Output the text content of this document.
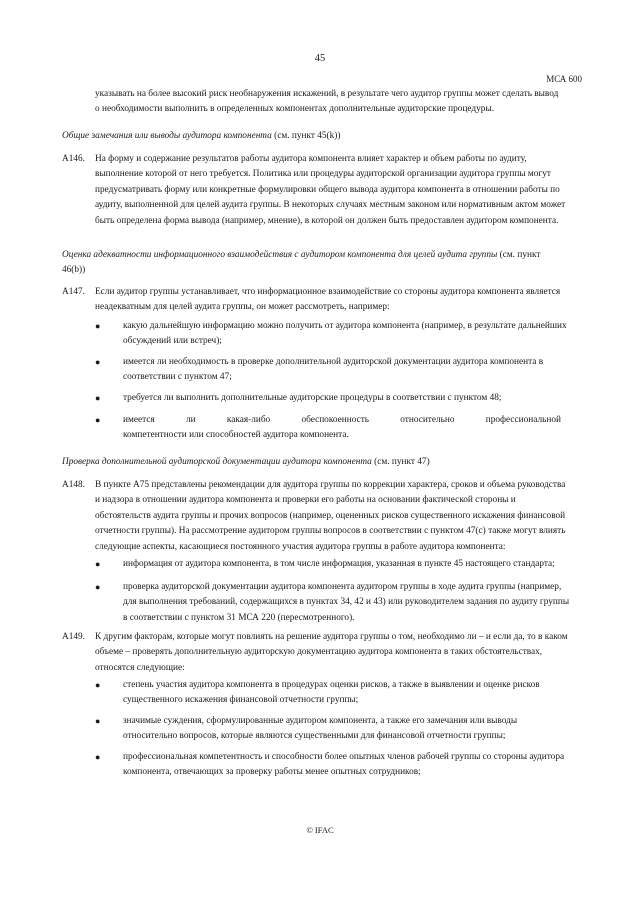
45
МСА 600
указывать на более высокий риск необнаружения искажений, в результате чего аудитор группы может сделать вывод
о необходимости выполнить в определенных компонентах дополнительные аудиторские процедуры.
Общие замечания или выводы аудитора компонента (см. пункт 45(k))
A146. На форму и содержание результатов работы аудитора компонента влияет характер и объем работы по аудиту,
выполнение которой от него требуется. Политика или процедуры аудиторской организации аудитора группы могут
предусматривать форму или конкретные формулировки общего вывода аудитора компонента в отношении работы по
аудиту, выполненной для целей аудита группы. В некоторых случаях местным законом или нормативным актом может
быть определена форма вывода (например, мнение), в которой он должен быть предоставлен аудитором компонента.
Оценка адекватности информационного взаимодействия с аудитором компонента для целей аудита группы (см. пункт
46(b))
A147. Если аудитор группы устанавливает, что информационное взаимодействие со стороны аудитора компонента является
неадекватным для целей аудита группы, он может рассмотреть, например:
● какую дальнейшую информацию можно получить от аудитора компонента (например, в результате дальнейших
обсуждений или встреч);
● имеется ли необходимость в проверке дополнительной аудиторской документации аудитора компонента в
соответствии с пунктом 47;
● требуется ли выполнить дополнительные аудиторские процедуры в соответствии с пунктом 48;
● имеется	ли	какая-либо	обеспокоенность	относительно	профессиональной
компетентности или способностей аудитора компонента.
Проверка дополнительной аудиторской документации аудитора компонента (см. пункт 47)
A148. В пункте A75 представлены рекомендации для аудитора группы по коррекции характера, сроков и объема руководства
и надзора в отношении аудитора компонента и проверки его работы на основании фактической стороны и
обстоятельств аудита группы и прочих вопросов (например, оцененных рисков существенного искажения финансовой
отчетности группы). На рассмотрение аудитором группы вопросов в соответствии с пунктом 47(c) также могут влиять
следующие аспекты, касающиеся постоянного участия аудитора группы в работе аудитора компонента:
● информация от аудитора компонента, в том числе информация, указанная в пункте 45 настоящего стандарта;
● проверка аудиторской документации аудитора компонента аудитором группы в ходе аудита группы (например,
для выполнения требований, содержащихся в пунктах 34, 42 и 43) или руководителем задания по аудиту группы
в соответствии с пунктом 31 МСА 220 (пересмотренного).
A149. К другим факторам, которые могут повлиять на решение аудитора группы о том, необходимо ли – и если да, то в каком
объеме – проверять дополнительную аудиторскую документацию аудитора компонента в таких обстоятельствах,
относятся следующие:
● степень участия аудитора компонента в процедурах оценки рисков, а также в выявлении и оценке рисков
существенного искажения финансовой отчетности группы;
● значимые суждения, сформулированные аудитором компонента, а также его замечания или выводы
относительно вопросов, которые являются существенными для финансовой отчетности группы;
● профессиональная компетентность и способности более опытных членов рабочей группы со стороны аудитора
компонента, отвечающих за проверку работы менее опытных сотрудников;
© IFAC
